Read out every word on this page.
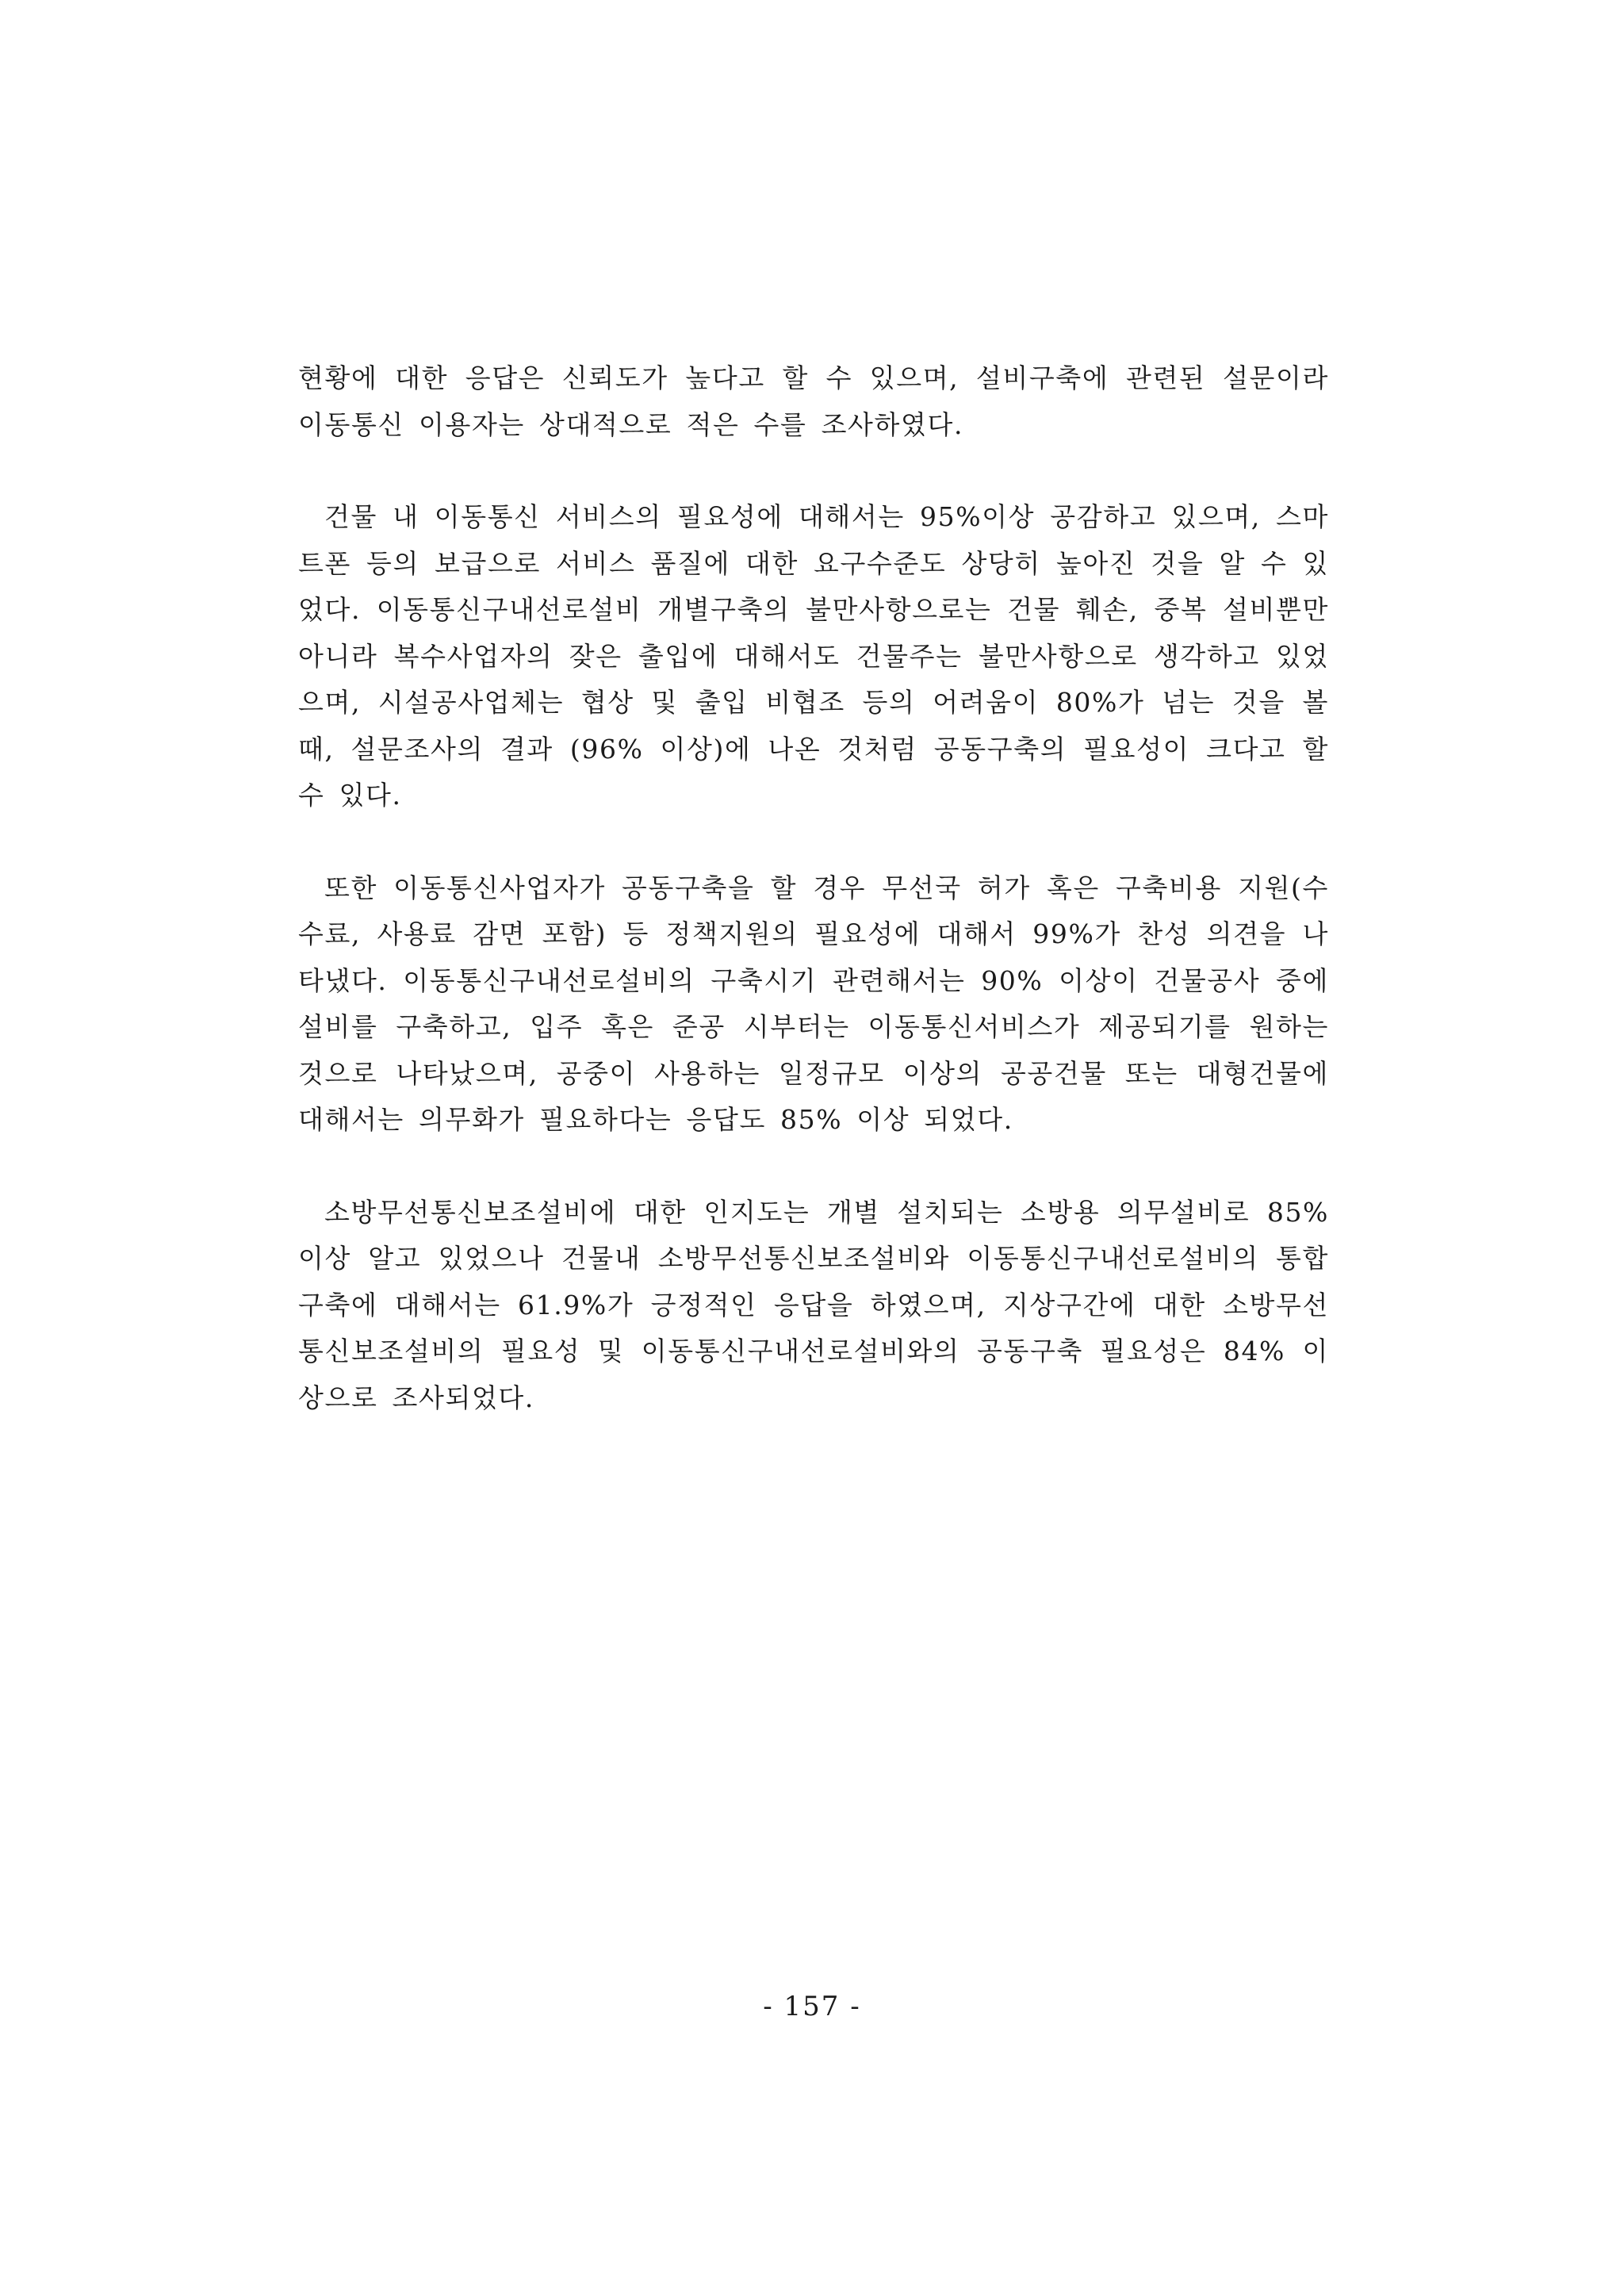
현황에 대한 응답은 신뢰도가 높다고 할 수 있으며, 설비구축에 관련된 설문이라 이동통신 이용자는 상대적으로 적은 수를 조사하였다.

건물 내 이동통신 서비스의 필요성에 대해서는 95%이상 공감하고 있으며, 스마트폰 등의 보급으로 서비스 품질에 대한 요구수준도 상당히 높아진 것을 알 수 있었다. 이동통신구내선로설비 개별구축의 불만사항으로는 건물 훼손, 중복 설비뿐만 아니라 복수사업자의 잦은 출입에 대해서도 건물주는 불만사항으로 생각하고 있었으며, 시설공사업체는 협상 및 출입 비협조 등의 어려움이 80%가 넘는 것을 볼 때, 설문조사의 결과 (96% 이상)에 나온 것처럼 공동구축의 필요성이 크다고 할 수 있다.

또한 이동통신사업자가 공동구축을 할 경우 무선국 허가 혹은 구축비용 지원(수수료, 사용료 감면 포함) 등 정책지원의 필요성에 대해서 99%가 찬성 의견을 나타냈다. 이동통신구내선로설비의 구축시기 관련해서는 90% 이상이 건물공사 중에 설비를 구축하고, 입주 혹은 준공 시부터는 이동통신서비스가 제공되기를 원하는 것으로 나타났으며, 공중이 사용하는 일정규모 이상의 공공건물 또는 대형건물에 대해서는 의무화가 필요하다는 응답도 85% 이상 되었다.

소방무선통신보조설비에 대한 인지도는 개별 설치되는 소방용 의무설비로 85% 이상 알고 있었으나 건물내 소방무선통신보조설비와 이동통신구내선로설비의 통합구축에 대해서는 61.9%가 긍정적인 응답을 하였으며, 지상구간에 대한 소방무선통신보조설비의 필요성 및 이동통신구내선로설비와의 공동구축 필요성은 84% 이상으로 조사되었다.

- 157 -
